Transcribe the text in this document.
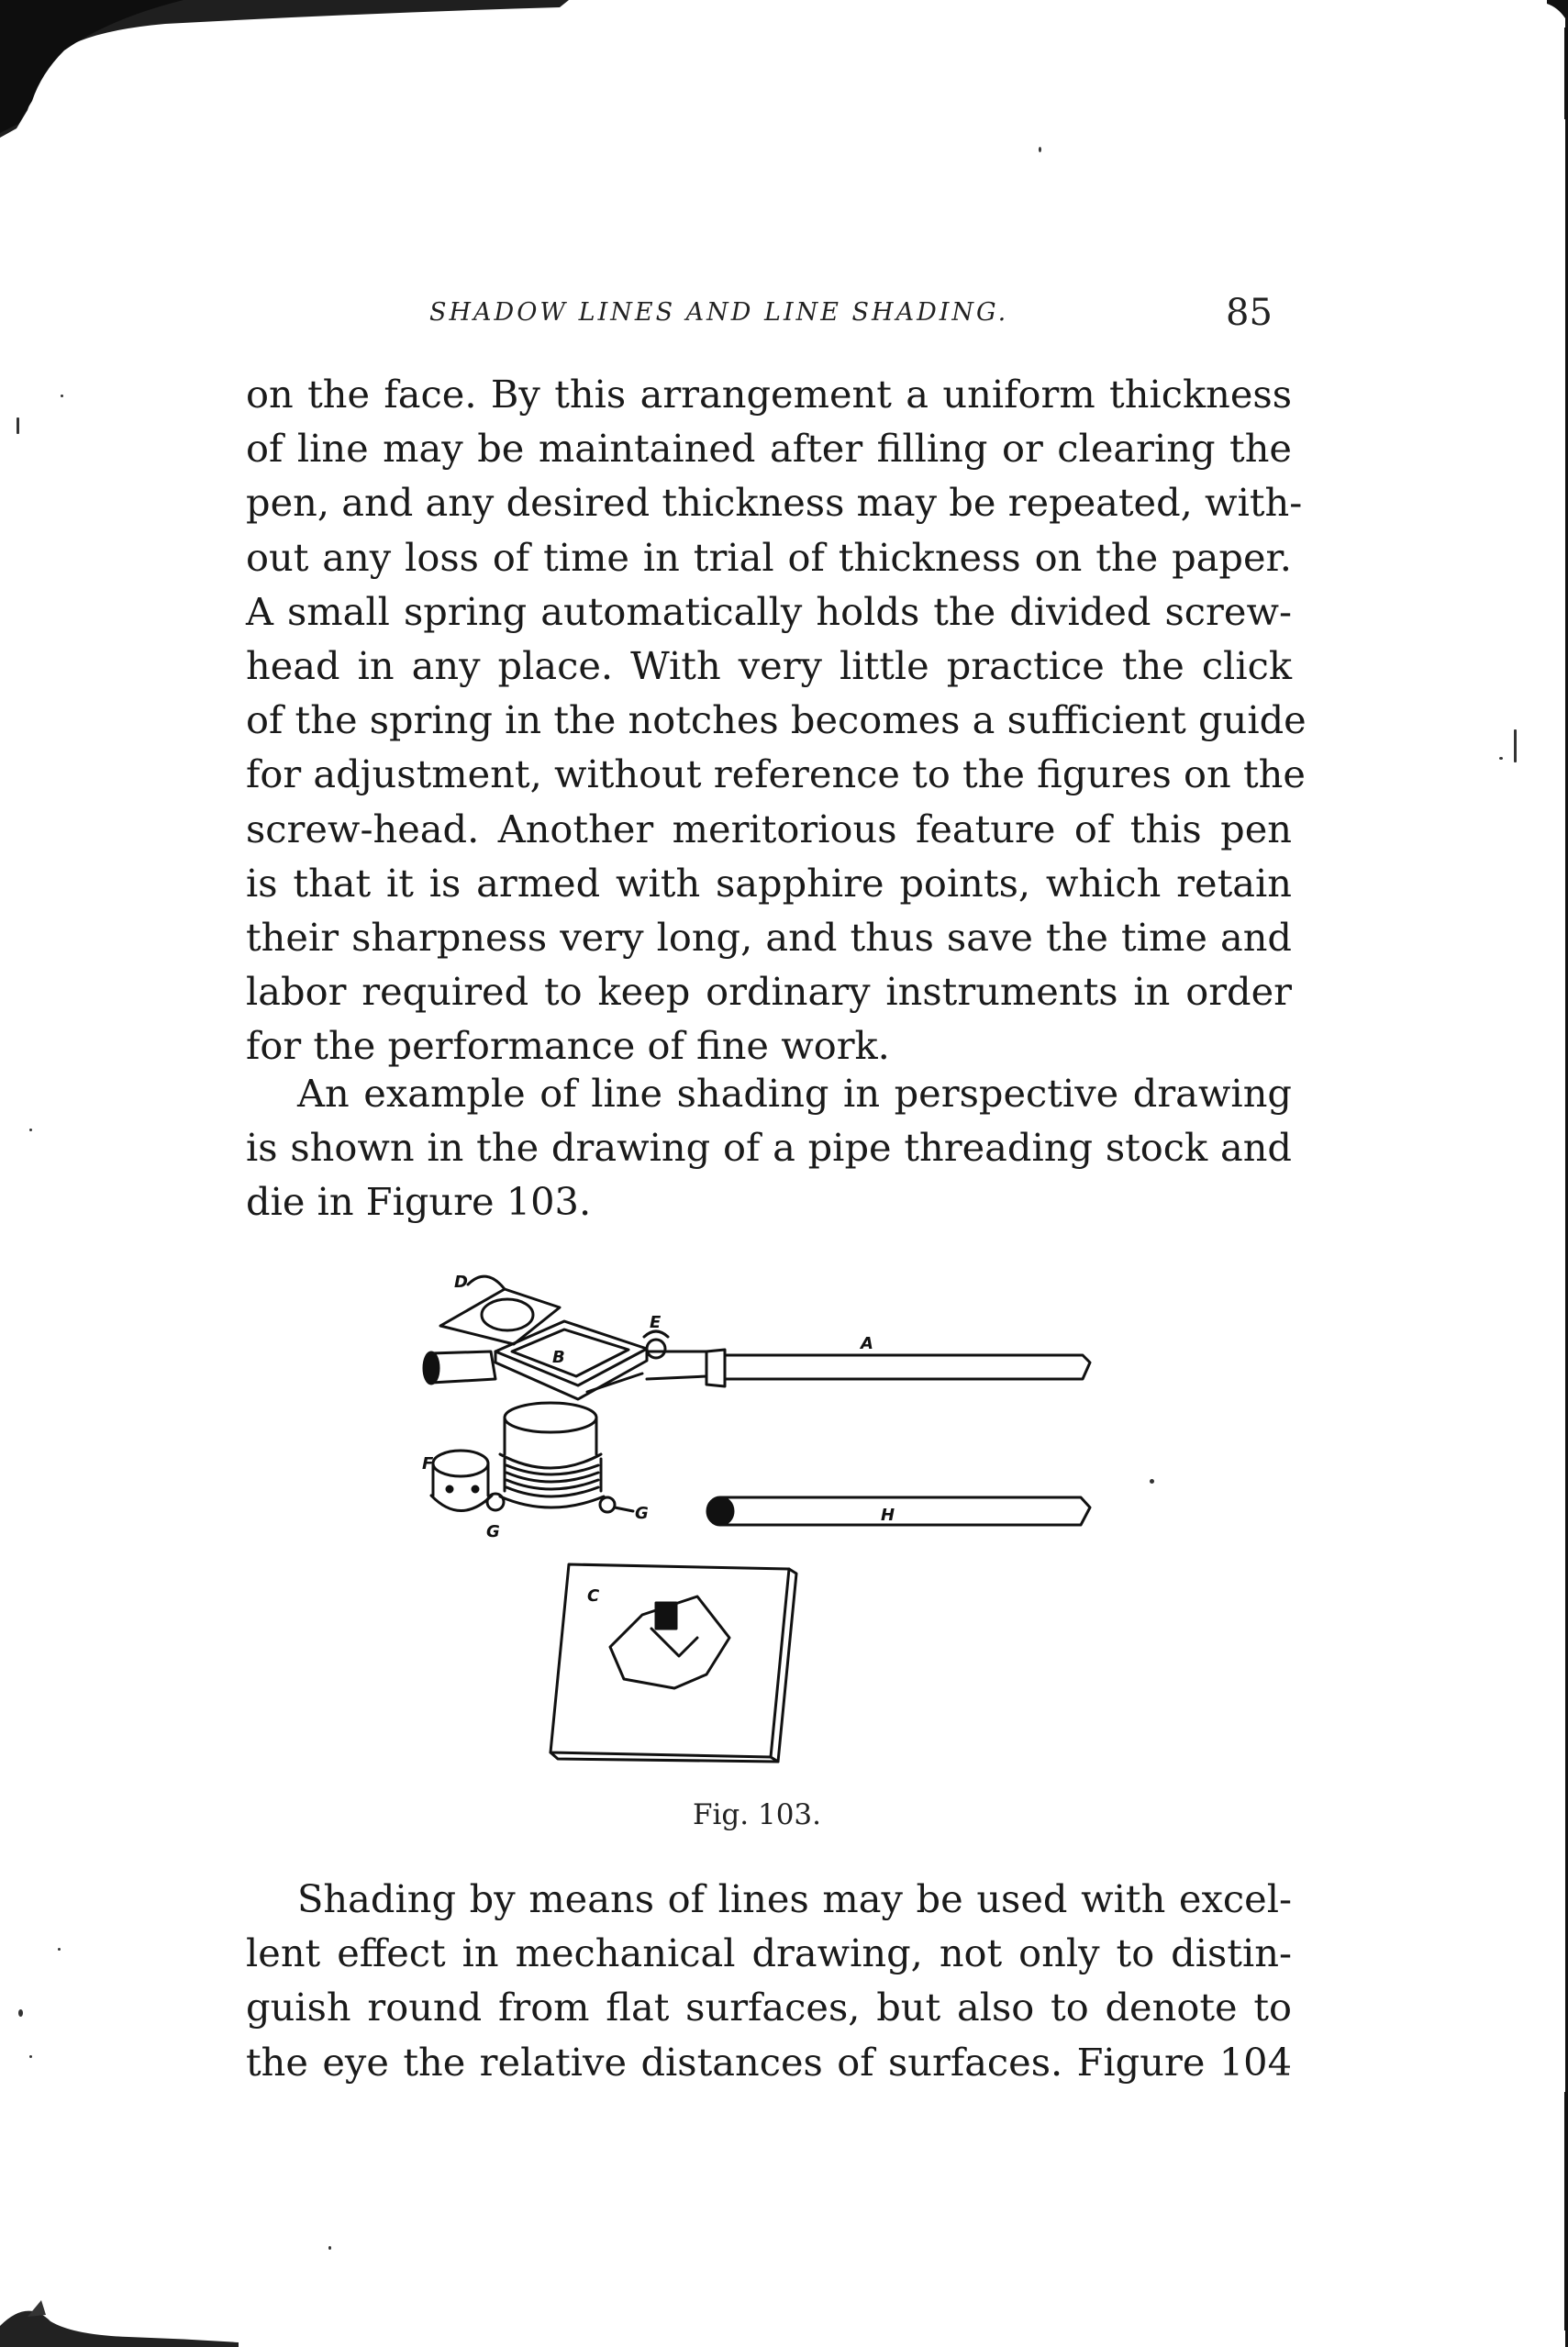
SHADOW LINES AND LINE SHADING.	85
on the face. By this arrangement a uniform thickness
of line may be maintained after filling or clearing the
pen, and any desired thickness may be repeated, with-
out any loss of time in trial of thickness on the paper.
A small spring automatically holds the divided screw-
head in any place. With very little practice the click
of the spring in the notches becomes a sufficient guide
for adjustment, without reference to the figures on the
screw-head. Another meritorious feature of this pen
is that it is armed with sapphire points, which retain
their sharpness very long, and thus save the time and
labor required to keep ordinary instruments in order
for the performance of fine work.
An example of line shading in perspective drawing
is shown in the drawing of a pipe threading stock and
die in Figure 103.
D
E
B
A
F
G
G	H
C
Fig. 103.
Shading by means of lines may be used with excel-
lent effect in mechanical drawing, not only to distin-
guish round from flat surfaces, but also to denote to
the eye the relative distances of surfaces. Figure 104
